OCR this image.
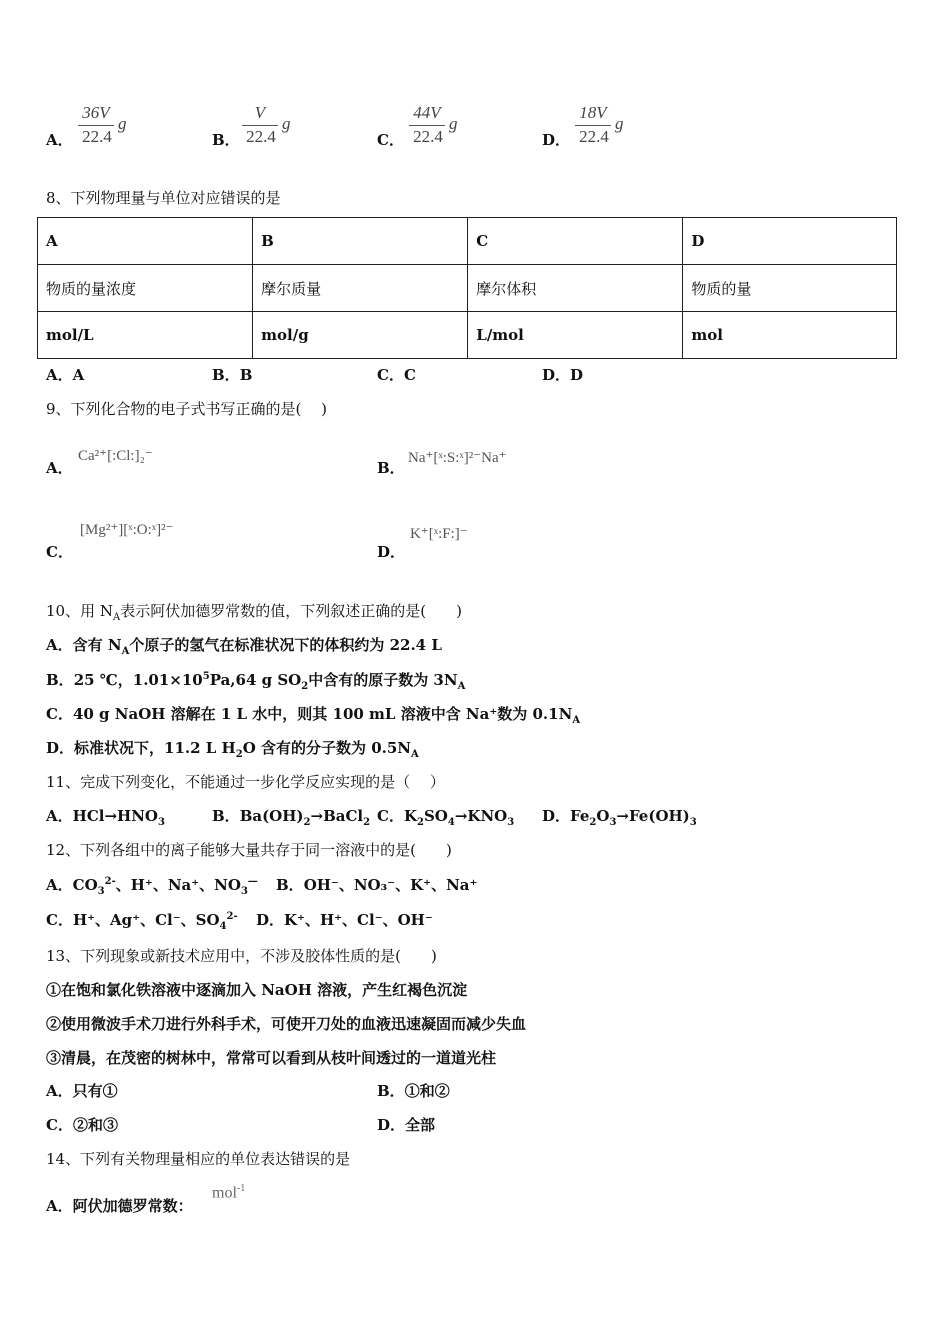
A．
36V
22.4
g
B．
V
22.4
g
C．
44V
22.4
g
D．
18V
22.4
g
8、下列物理量与单位对应错误的是
A	B	C	D
物质的量浓度	摩尔质量	摩尔体积	物质的量
mol/L	mol/g	L/mol	mol
A．A	B．B	C．C	D．D
9、下列化合物的电子式书写正确的是(　 )
A．
Ca²⁺[:Cl:]₂⁻
B．
Na⁺[ˣ:S:ˣ]²⁻Na⁺
C．
[Mg²⁺][ˣ:O:ˣ]²⁻
D．
K⁺[ˣ:F:]⁻
10、用 $N_A$表示阿伏加德罗常数的值，下列叙述正确的是(　　)
A．含有 $N_A$个原子的氢气在标准状况下的体积约为 22.4 L
B．25 ℃，$1.01\times 10^5Pa,64$ g $SO_2$中含有的原子数为 $3N_A$
C．40 g NaOH 溶解在 1 L 水中，则其 100 mL 溶液中含 Na⁺数为 $0.1N_A$
D．标准状况下，11.2 L $H_2O$ 含有的分子数为 $0.5N_A$
11、完成下列变化，不能通过一步化学反应实现的是（　 ）
A．$HCl\to HNO_3$	B．$Ba(OH)_2\to BaCl_2$ C．$K_2SO_4\to KNO_3$ D．$Fe_2O_3\to Fe(OH)_3$
12、下列各组中的离子能够大量共存于同一溶液中的是(　　)
A．$CO_3^{2-}$、H⁺、Na⁺、$NO_3^—$ B．OH⁻、NO₃⁻、K⁺、Na⁺
C．H⁺、Ag⁺、Cl⁻、$SO_4^{2-}$ D．K⁺、H⁺、Cl⁻、OH⁻
13、下列现象或新技术应用中，不涉及胶体性质的是(　　)
①在饱和氯化铁溶液中逐滴加入 NaOH 溶液，产生红褐色沉淀
②使用微波手术刀进行外科手术，可使开刀处的血液迅速凝固而减少失血
③清晨，在茂密的树林中，常常可以看到从枝叶间透过的一道道光柱
A．只有①	B．①和②
C．②和③	D．全部
14、下列有关物理量相应的单位表达错误的是
A．阿伏加德罗常数：
mol$^{-1}$
